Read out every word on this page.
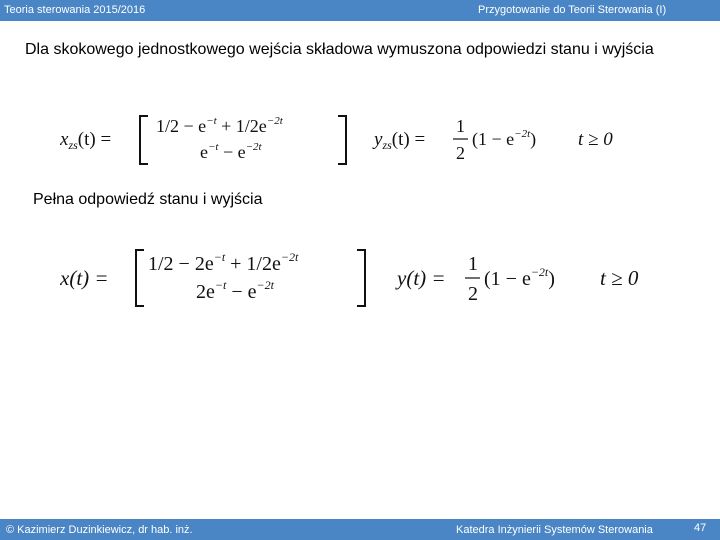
Teoria sterowania 2015/2016	Przygotowanie do Teorii Sterowania (I)
Dla skokowego jednostkowego wejścia składowa wymuszona odpowiedzi stanu i wyjścia
$x_{zs}(t)$ =
$1/2 - e^{-t} + 1/2e^{-2t}$
$e^{-t} - e^{-2t}$	$y_{zs}(t)$ =
1
2
$(1 - e^{-2t})$ t ≥ 0
Pełna odpowiedź stanu i wyjścia
x(t) =
$1/2 - 2e^{-t} + 1/2e^{-2t}$
$2e^{-t} - e^{-2t}$	y(t) =
1
2
$(1 - e^{-2t})$ t ≥ 0
© Kazimierz Duzinkiewicz, dr hab. inż.	Katedra Inżynierii Systemów Sterowania	47
